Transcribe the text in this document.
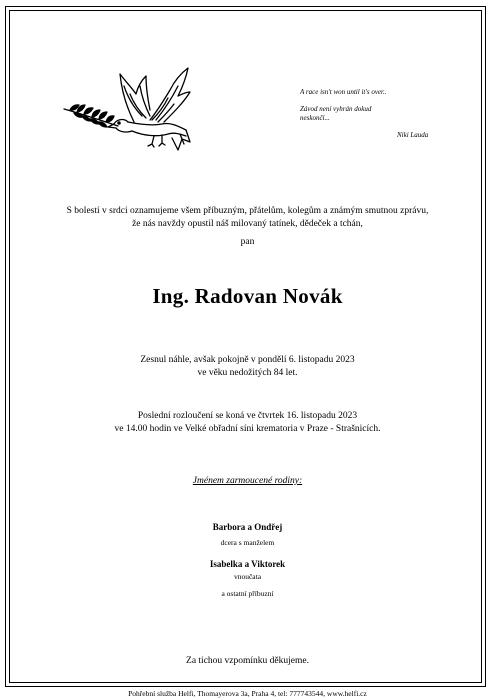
A race isn't won until it's over..
Závod není vyhrán dokud
neskončí...
Niki Lauda
S bolestí v srdci oznamujeme všem příbuzným, přátelům, kolegům a známým smutnou zprávu,
že nás navždy opustil náš milovaný tatínek, dědeček a tchán,
pan
Ing. Radovan Novák
Zesnul náhle, avšak pokojně v pondělí 6. listopadu 2023
ve věku nedožitých 84 let.
Poslední rozloučení se koná ve čtvrtek 16. listopadu 2023
ve 14.00 hodin ve Velké obřadní síni krematoria v Praze - Strašnicích.
Jménem zarmoucené rodiny:
Barbora a Ondřej
dcera s manželem
Isabelka a Viktorek
vnoučata
a ostatní příbuzní
Za tichou vzpomínku děkujeme.
Pohřební služba Helfi, Thomayerova 3a, Praha 4, tel: 777743544, www.helfi.cz
